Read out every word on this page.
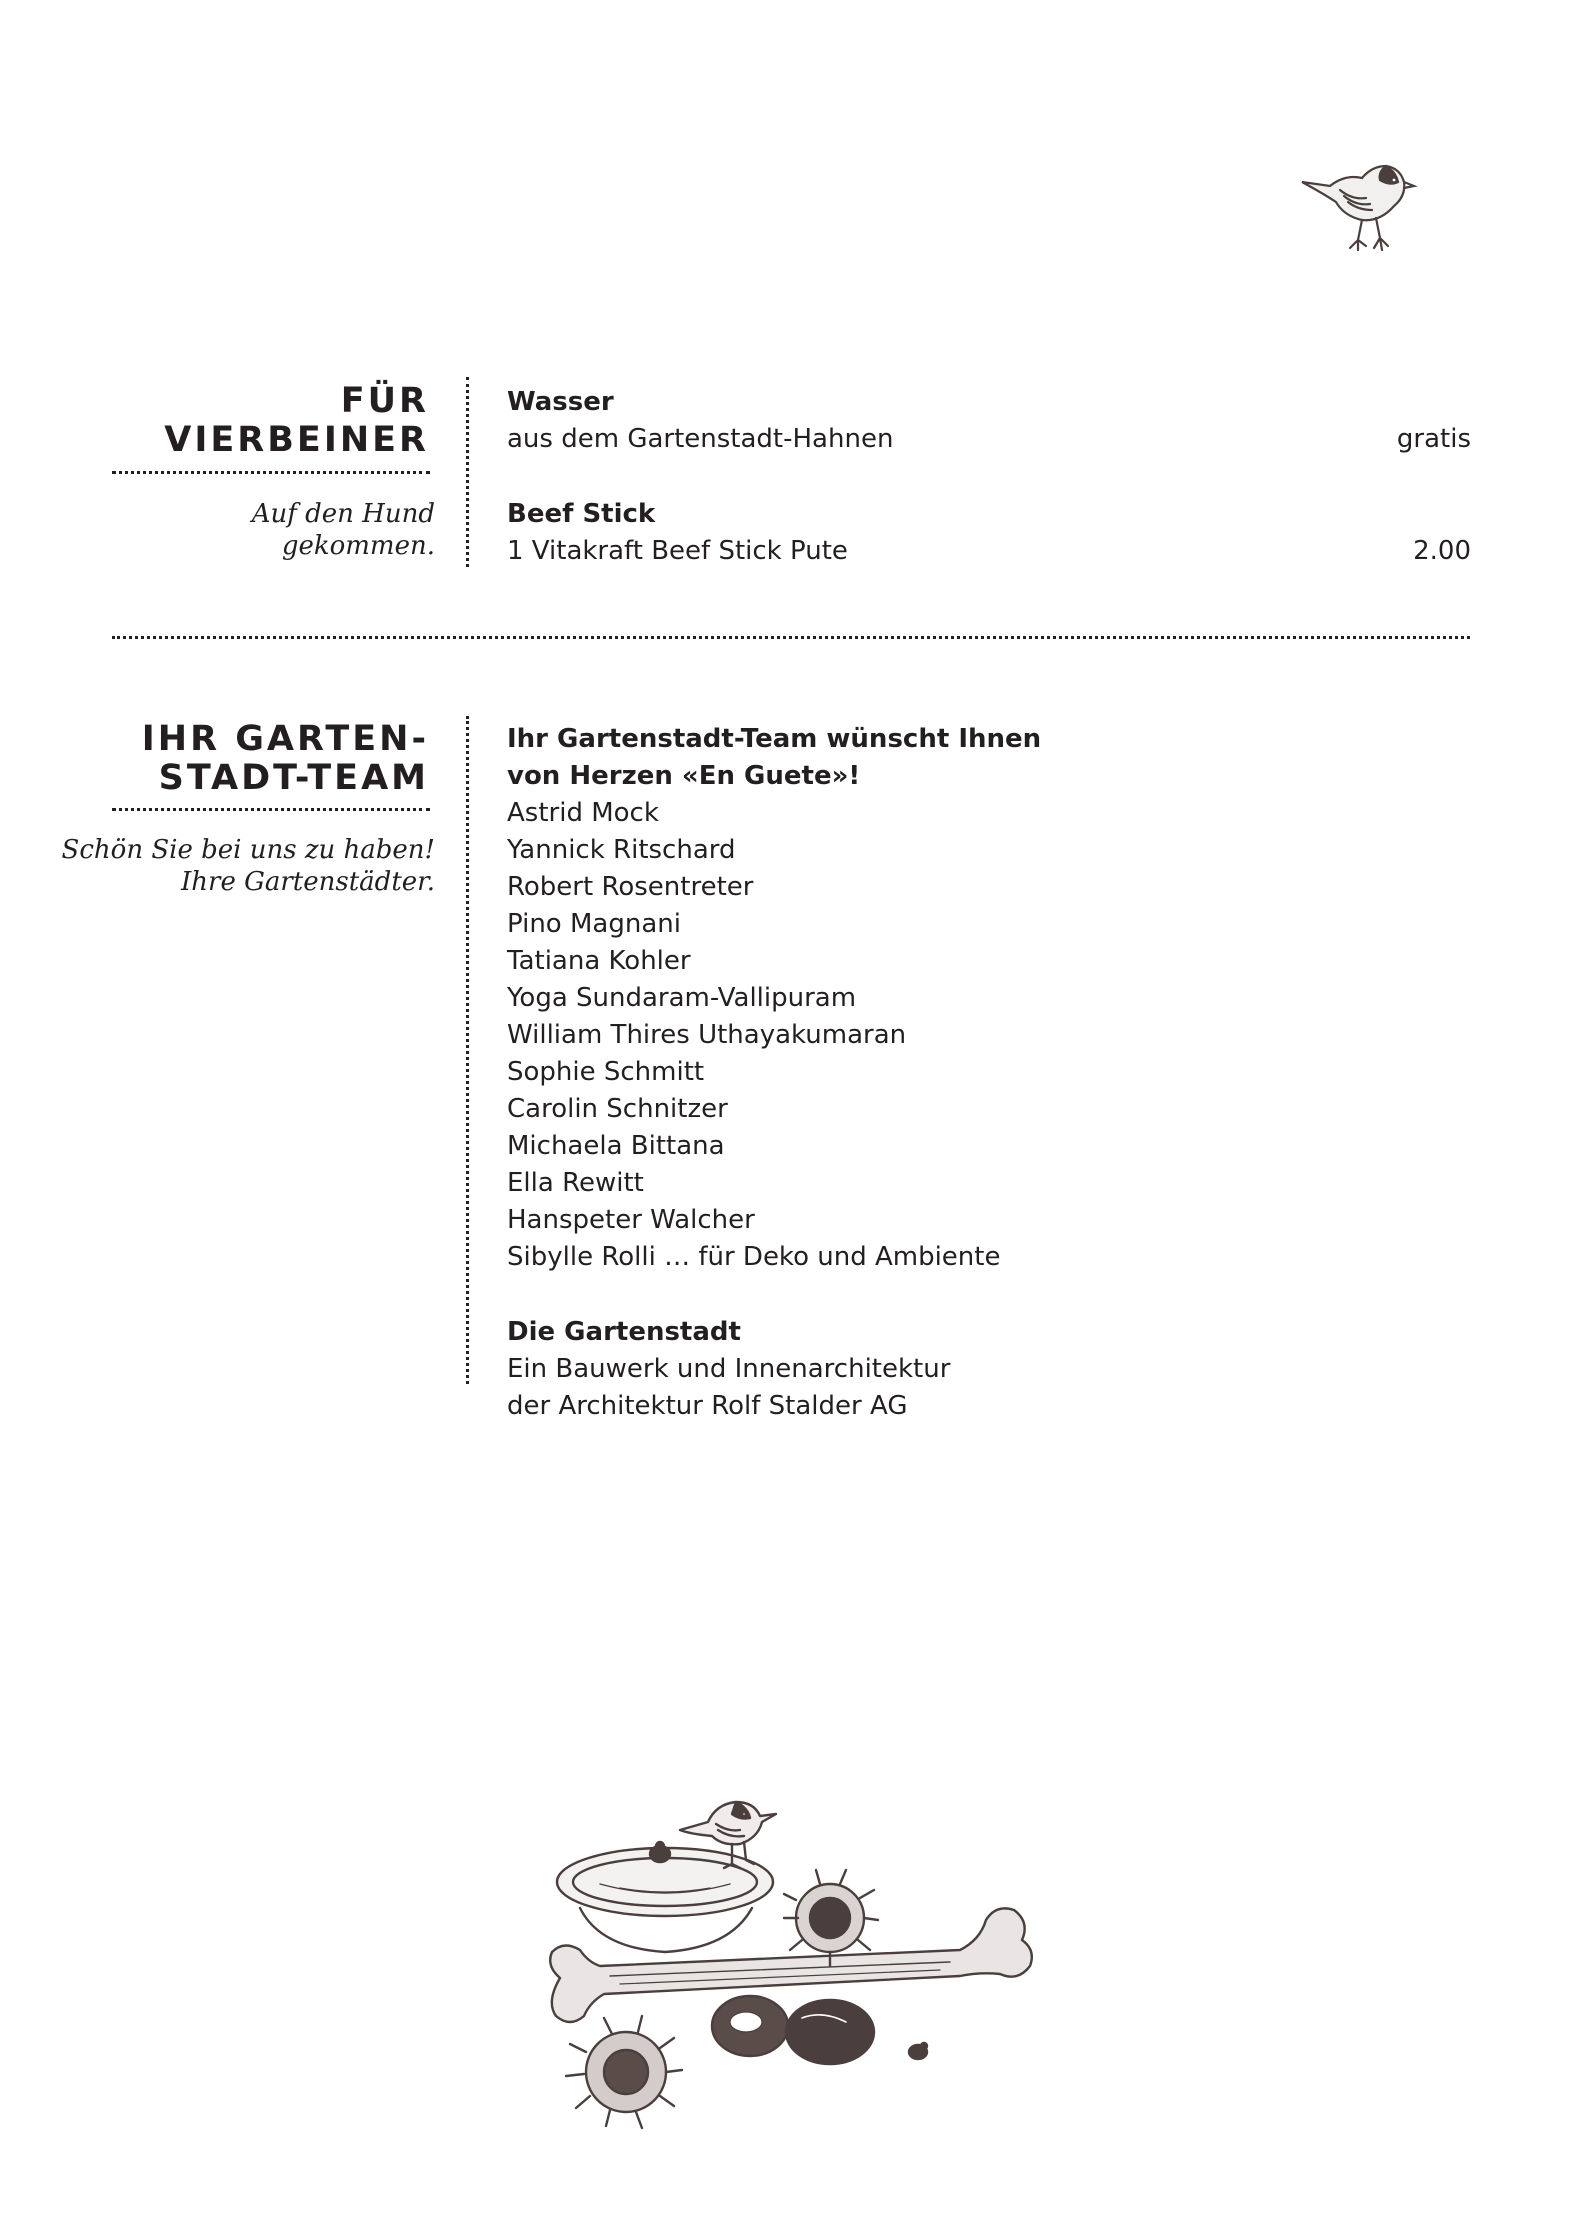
FÜR
VIERBEINER
Auf den Hund
gekommen.
Wasser
aus dem Gartenstadt-Hahnen	gratis
Beef Stick
1 Vitakraft Beef Stick Pute	2.00
IHR GARTEN-
STADT-TEAM
Schön Sie bei uns zu haben!
Ihre Gartenstädter.
Ihr Gartenstadt-Team wünscht Ihnen
von Herzen «En Guete»!
Astrid Mock
Yannick Ritschard
Robert Rosentreter
Pino Magnani
Tatiana Kohler
Yoga Sundaram-Vallipuram
William Thires Uthayakumaran
Sophie Schmitt
Carolin Schnitzer
Michaela Bittana
Ella Rewitt
Hanspeter Walcher
Sibylle Rolli … für Deko und Ambiente
Die Gartenstadt
Ein Bauwerk und Innenarchitektur
der Architektur Rolf Stalder AG
